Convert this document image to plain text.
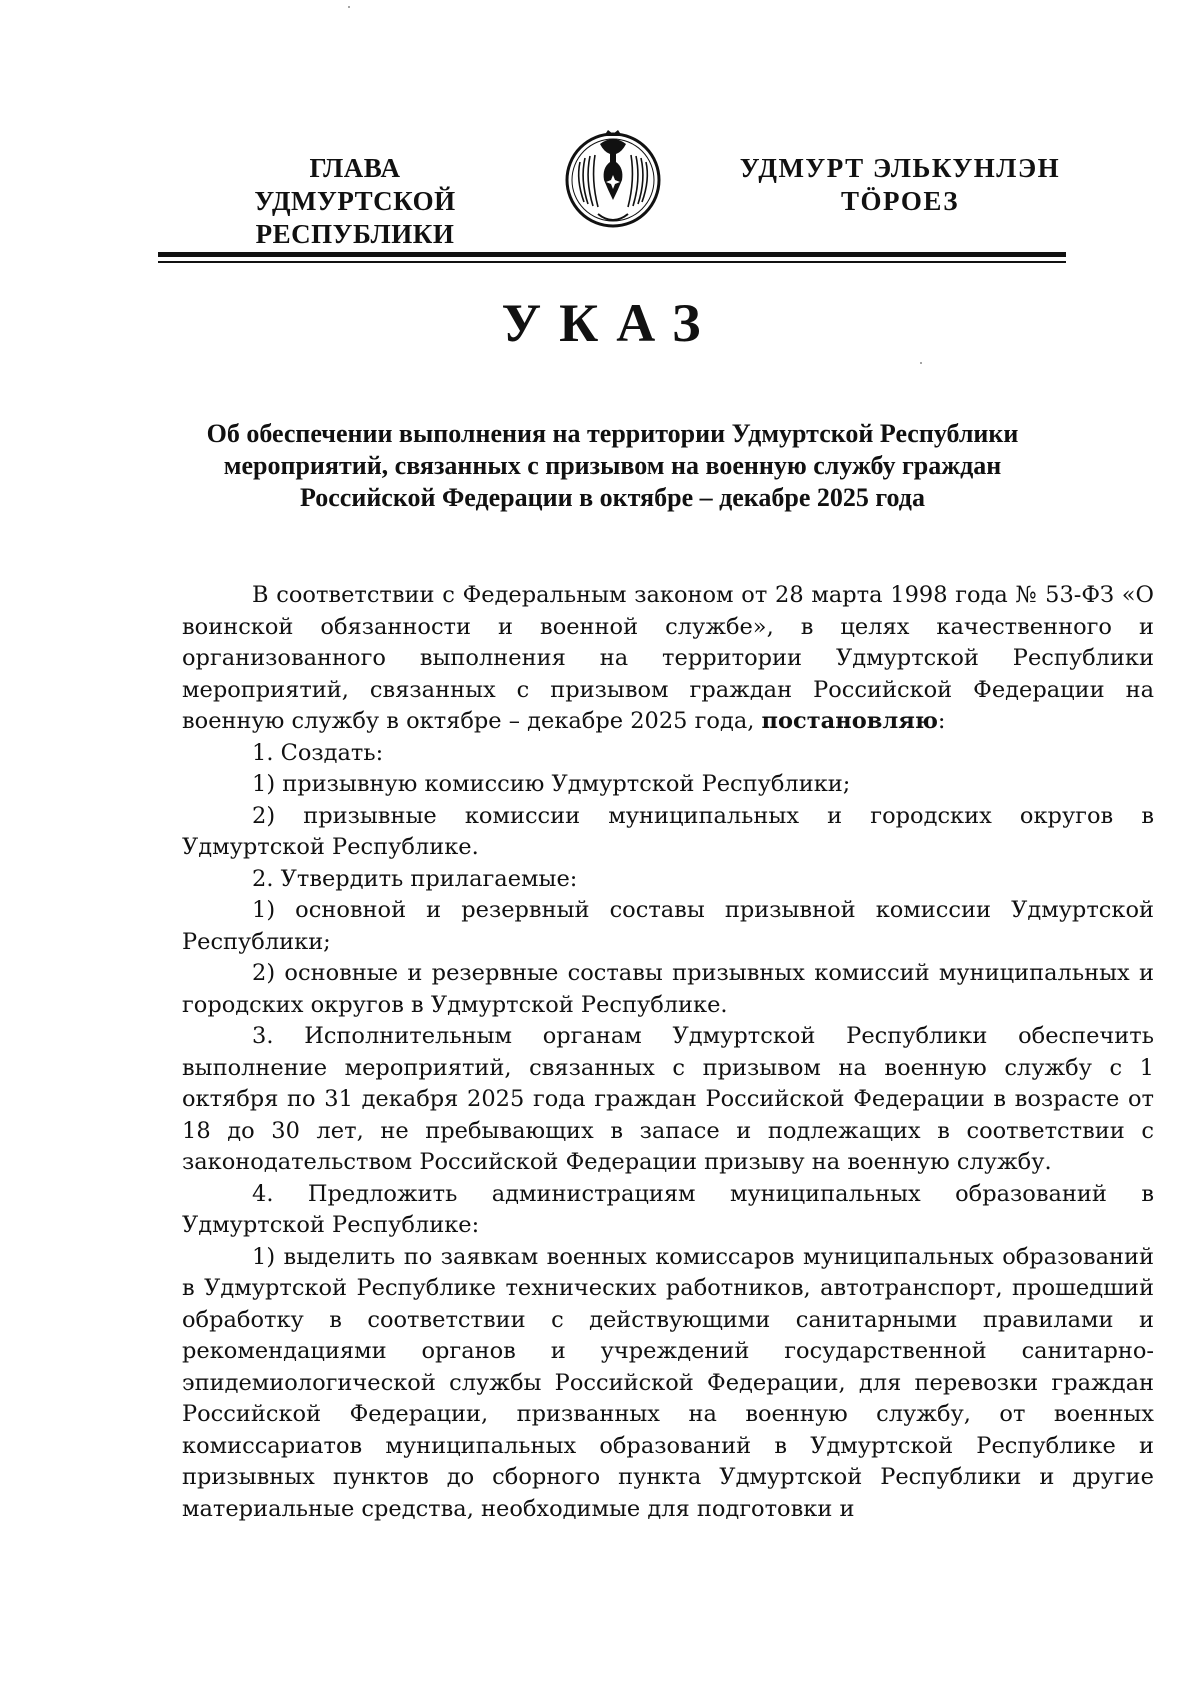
ГЛАВА
УДМУРТСКОЙ РЕСПУБЛИКИ
УДМУРТ ЭЛЬКУНЛЭН
ТӦРОЕЗ
УКАЗ
Об обеспечении выполнения на территории Удмуртской Республики
мероприятий, связанных с призывом на военную службу граждан
Российской Федерации в октябре – декабре 2025 года

В соответствии с Федеральным законом от 28 марта 1998 года № 53-ФЗ «О воинской обязанности и военной службе», в целях качественного и организованного выполнения на территории Удмуртской Республики мероприятий, связанных с призывом граждан Российской Федерации на военную службу в октябре – декабре 2025 года, постановляю:

1. Создать:

1) призывную комиссию Удмуртской Республики;

2) призывные комиссии муниципальных и городских округов в Удмуртской Республике.

2. Утвердить прилагаемые:

1) основной и резервный составы призывной комиссии Удмуртской Республики;

2) основные и резервные составы призывных комиссий муниципальных и городских округов в Удмуртской Республике.

3. Исполнительным органам Удмуртской Республики обеспечить выполнение мероприятий, связанных с призывом на военную службу с 1 октября по 31 декабря 2025 года граждан Российской Федерации в возрасте от 18 до 30 лет, не пребывающих в запасе и подлежащих в соответствии с законодательством Российской Федерации призыву на военную службу.

4. Предложить администрациям муниципальных образований в Удмуртской Республике:

1) выделить по заявкам военных комиссаров муниципальных образований в Удмуртской Республике технических работников, автотранспорт, прошедший обработку в соответствии с действующими санитарными правилами и рекомендациями органов и учреждений государственной санитарно-эпидемиологической службы Российской Федерации, для перевозки граждан Российской Федерации, призванных на военную службу, от военных комиссариатов муниципальных образований в Удмуртской Республике и призывных пунктов до сборного пункта Удмуртской Республики и другие материальные средства, необходимые для подготовки и
